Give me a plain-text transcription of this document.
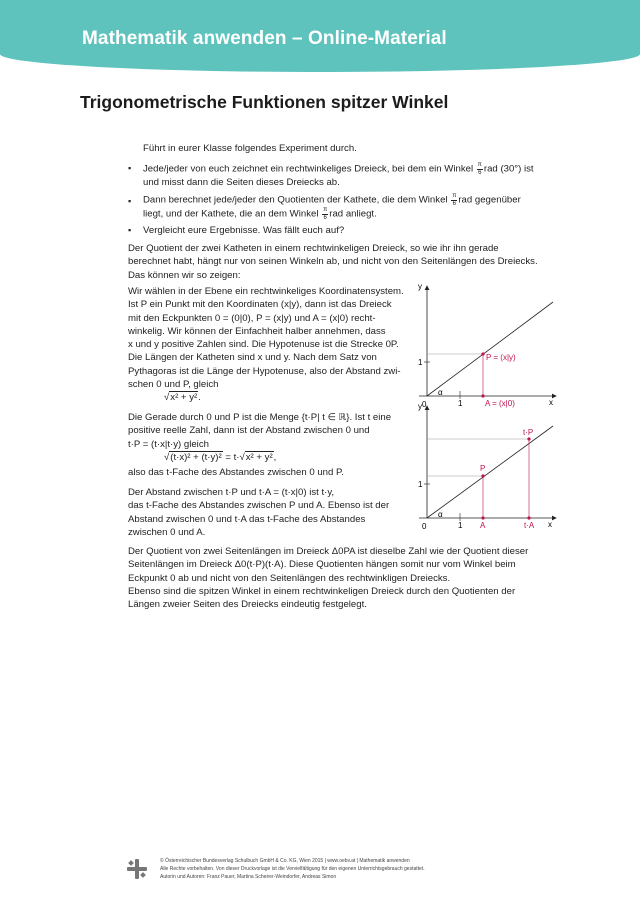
Mathematik anwenden – Online-Material
Trigonometrische Funktionen spitzer Winkel
Führt in eurer Klasse folgendes Experiment durch.
▪ Jede/jeder von euch zeichnet ein rechtwinkeliges Dreieck, bei dem ein Winkel $\frac{\pi}{6}$ rad (30°) ist
und misst dann die Seiten dieses Dreiecks ab.
▪ Dann berechnet jede/jeder den Quotienten der Kathete, die dem Winkel $\frac{\pi}{6}$ rad gegenüber
liegt, und der Kathete, die an dem Winkel $\frac{\pi}{6}$ rad anliegt.
▪ Vergleicht eure Ergebnisse. Was fällt euch auf?
Der Quotient der zwei Katheten in einem rechtwinkeligen Dreieck, so wie ihr ihn gerade
berechnet habt, hängt nur von seinen Winkeln ab, und nicht von den Seitenlängen des Dreiecks.
Das können wir so zeigen:
Wir wählen in der Ebene ein rechtwinkeliges Koordinatensystem.
Ist P ein Punkt mit den Koordinaten (x|y), dann ist das Dreieck
mit den Eckpunkten 0 = (0|0), P = (x|y) und A = (x|0) recht-
winkelig. Wir können der Einfachheit halber annehmen, dass
x und y positive Zahlen sind. Die Hypotenuse ist die Strecke 0P.
Die Längen der Katheten sind x und y. Nach dem Satz von
Pythagoras ist die Länge der Hypotenuse, also der Abstand zwi-
schen 0 und P, gleich
√x² + y².
Die Gerade durch 0 und P ist die Menge {t·P| t ∈ ℝ}. Ist t eine
positive reelle Zahl, dann ist der Abstand zwischen 0 und
t·P = (t·x|t·y) gleich
√(t·x)² + (t·y)² = t·√x² + y²,
also das t-Fache des Abstandes zwischen 0 und P.
Der Abstand zwischen t·P und t·A = (t·x|0) ist t·y,
das t-Fache des Abstandes zwischen P und A. Ebenso ist der
Abstand zwischen 0 und t·A das t-Fache des Abstandes
zwischen 0 und A.
Der Quotient von zwei Seitenlängen im Dreieck Δ0PA ist dieselbe Zahl wie der Quotient dieser
Seitenlängen im Dreieck Δ0(t·P)(t·A). Diese Quotienten hängen somit nur vom Winkel beim
Eckpunkt 0 ab und nicht von den Seitenlängen des rechtwinkligen Dreiecks.
Ebenso sind die spitzen Winkel in einem rechtwinkeligen Dreieck durch den Quotienten der
Längen zweier Seiten des Dreiecks eindeutig festgelegt.
y
x
1
0	1
α
P = (x|y)
A = (x|0)
y
x
1
0	1
α
P
A
t·P
t·A
© Österreichischer Bundesverlag Schulbuch GmbH & Co. KG, Wien 2015 | www.oebv.at | Mathematik anwenden
Alle Rechte vorbehalten. Von dieser Druckvorlage ist die Vervielfältigung für den eigenen Unterrichtsgebrauch gestattet.
Autorin und Autoren: Franz Pauer, Martina Scheirer-Weindorfer, Andreas Simon
